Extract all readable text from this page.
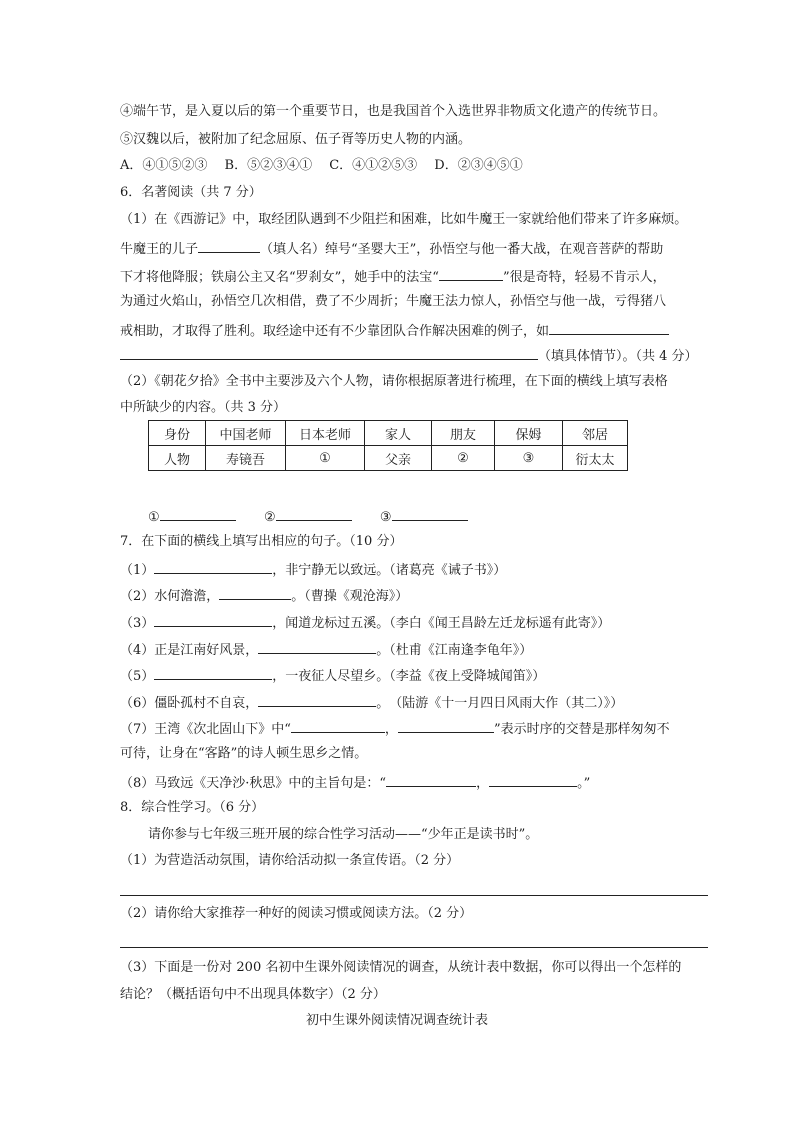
④端午节，是入夏以后的第一个重要节日，也是我国首个入选世界非物质文化遗产的传统节日。
⑤汉魏以后，被附加了纪念屈原、伍子胥等历史人物的内涵。
A．④①⑤②③　 B．⑤②③④①　 C．④①②⑤③　 D．②③④⑤①
6．名著阅读（共 7 分）
（1）在《西游记》中，取经团队遇到不少阻拦和困难，比如牛魔王一家就给他们带来了许多麻烦。
牛魔王的儿子	（填人名）绰号“圣婴大王”，孙悟空与他一番大战，在观音菩萨的帮助
下才将他降服；铁扇公主又名“罗刹女”，她手中的法宝“	”很是奇特，轻易不肯示人，
为通过火焰山，孙悟空几次相借，费了不少周折；牛魔王法力惊人，孙悟空与他一战，亏得猪八
戒相助，才取得了胜利。取经途中还有不少靠团队合作解决困难的例子，如
（填具体情节）。（共 4 分）
（2）《朝花夕拾》全书中主要涉及六个人物，请你根据原著进行梳理，在下面的横线上填写表格
中所缺少的内容。（共 3 分）
身份	中国老师	日本老师	家人	朋友	保姆	邻居
人物	寿镜吾	①	父亲	②	③	衍太太
①	②	③
7．在下面的横线上填写出相应的句子。（10 分）
（1）	，非宁静无以致远。（诸葛亮《诫子书》）
（2）水何澹澹，	。（曹操《观沧海》）
（3）	，闻道龙标过五溪。（李白《闻王昌龄左迁龙标遥有此寄》）
（4）正是江南好风景，	。（杜甫《江南逢李龟年》）
（5）	，一夜征人尽望乡。（李益《夜上受降城闻笛》）
（6）僵卧孤村不自哀，	。　（陆游《十一月四日风雨大作（其二）》）
（7）王湾《次北固山下》中“	，	”表示时序的交替是那样匆匆不
可待，让身在“客路”的诗人顿生思乡之情。
（8）马致远《天净沙·秋思》中的主旨句是：“	，	。”
8．综合性学习。（6 分）
请你参与七年级三班开展的综合性学习活动——“少年正是读书时”。
（1）为营造活动氛围，请你给活动拟一条宣传语。（2 分）
（2）请你给大家推荐一种好的阅读习惯或阅读方法。（2 分）
（3）下面是一份对 200 名初中生课外阅读情况的调查，从统计表中数据，你可以得出一个怎样的
结论？（概括语句中不出现具体数字）（2 分）
初中生课外阅读情况调查统计表
